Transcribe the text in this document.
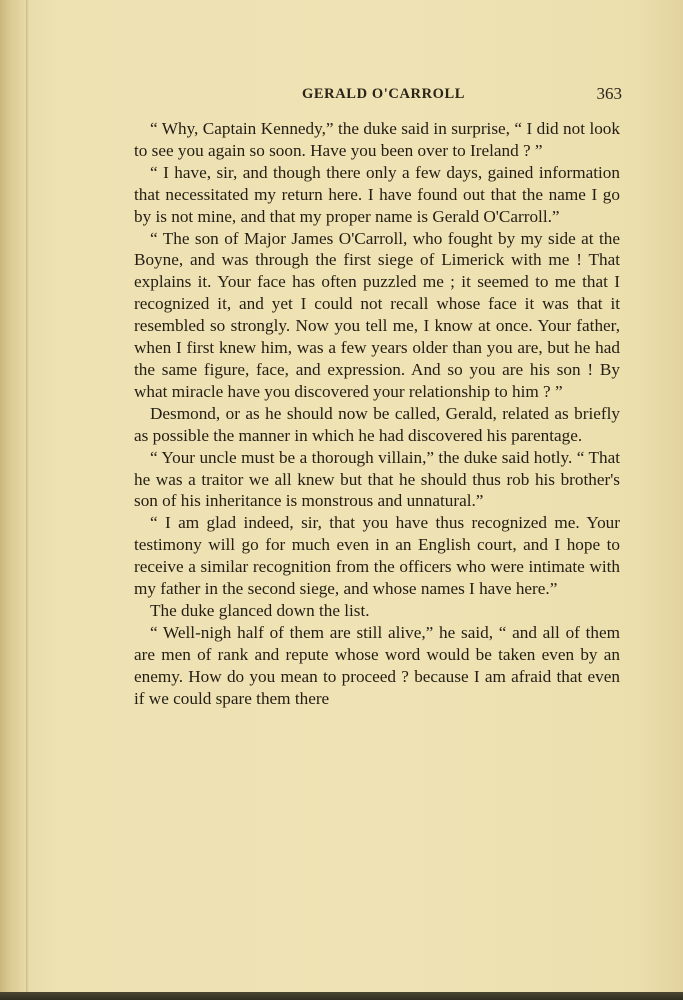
GERALD O'CARROLL	363

“ Why, Captain Kennedy,” the duke said in surprise, “ I did not look to see you again so soon. Have you been over to Ireland ? ”

“ I have, sir, and though there only a few days, gained information that necessitated my return here. I have found out that the name I go by is not mine, and that my proper name is Gerald O'Carroll.”

“ The son of Major James O'Carroll, who fought by my side at the Boyne, and was through the first siege of Limerick with me ! That explains it. Your face has often puzzled me ; it seemed to me that I recognized it, and yet I could not recall whose face it was that it resembled so strongly. Now you tell me, I know at once. Your father, when I first knew him, was a few years older than you are, but he had the same figure, face, and expression. And so you are his son ! By what miracle have you discovered your relationship to him ? ”

Desmond, or as he should now be called, Gerald, related as briefly as possible the manner in which he had discovered his parentage.

“ Your uncle must be a thorough villain,” the duke said hotly. “ That he was a traitor we all knew but that he should thus rob his brother's son of his inheritance is monstrous and unnatural.”

“ I am glad indeed, sir, that you have thus recognized me. Your testimony will go for much even in an English court, and I hope to receive a similar recognition from the officers who were intimate with my father in the second siege, and whose names I have here.”

The duke glanced down the list.

“ Well-nigh half of them are still alive,” he said, “ and all of them are men of rank and repute whose word would be taken even by an enemy. How do you mean to proceed ? because I am afraid that even if we could spare them there
